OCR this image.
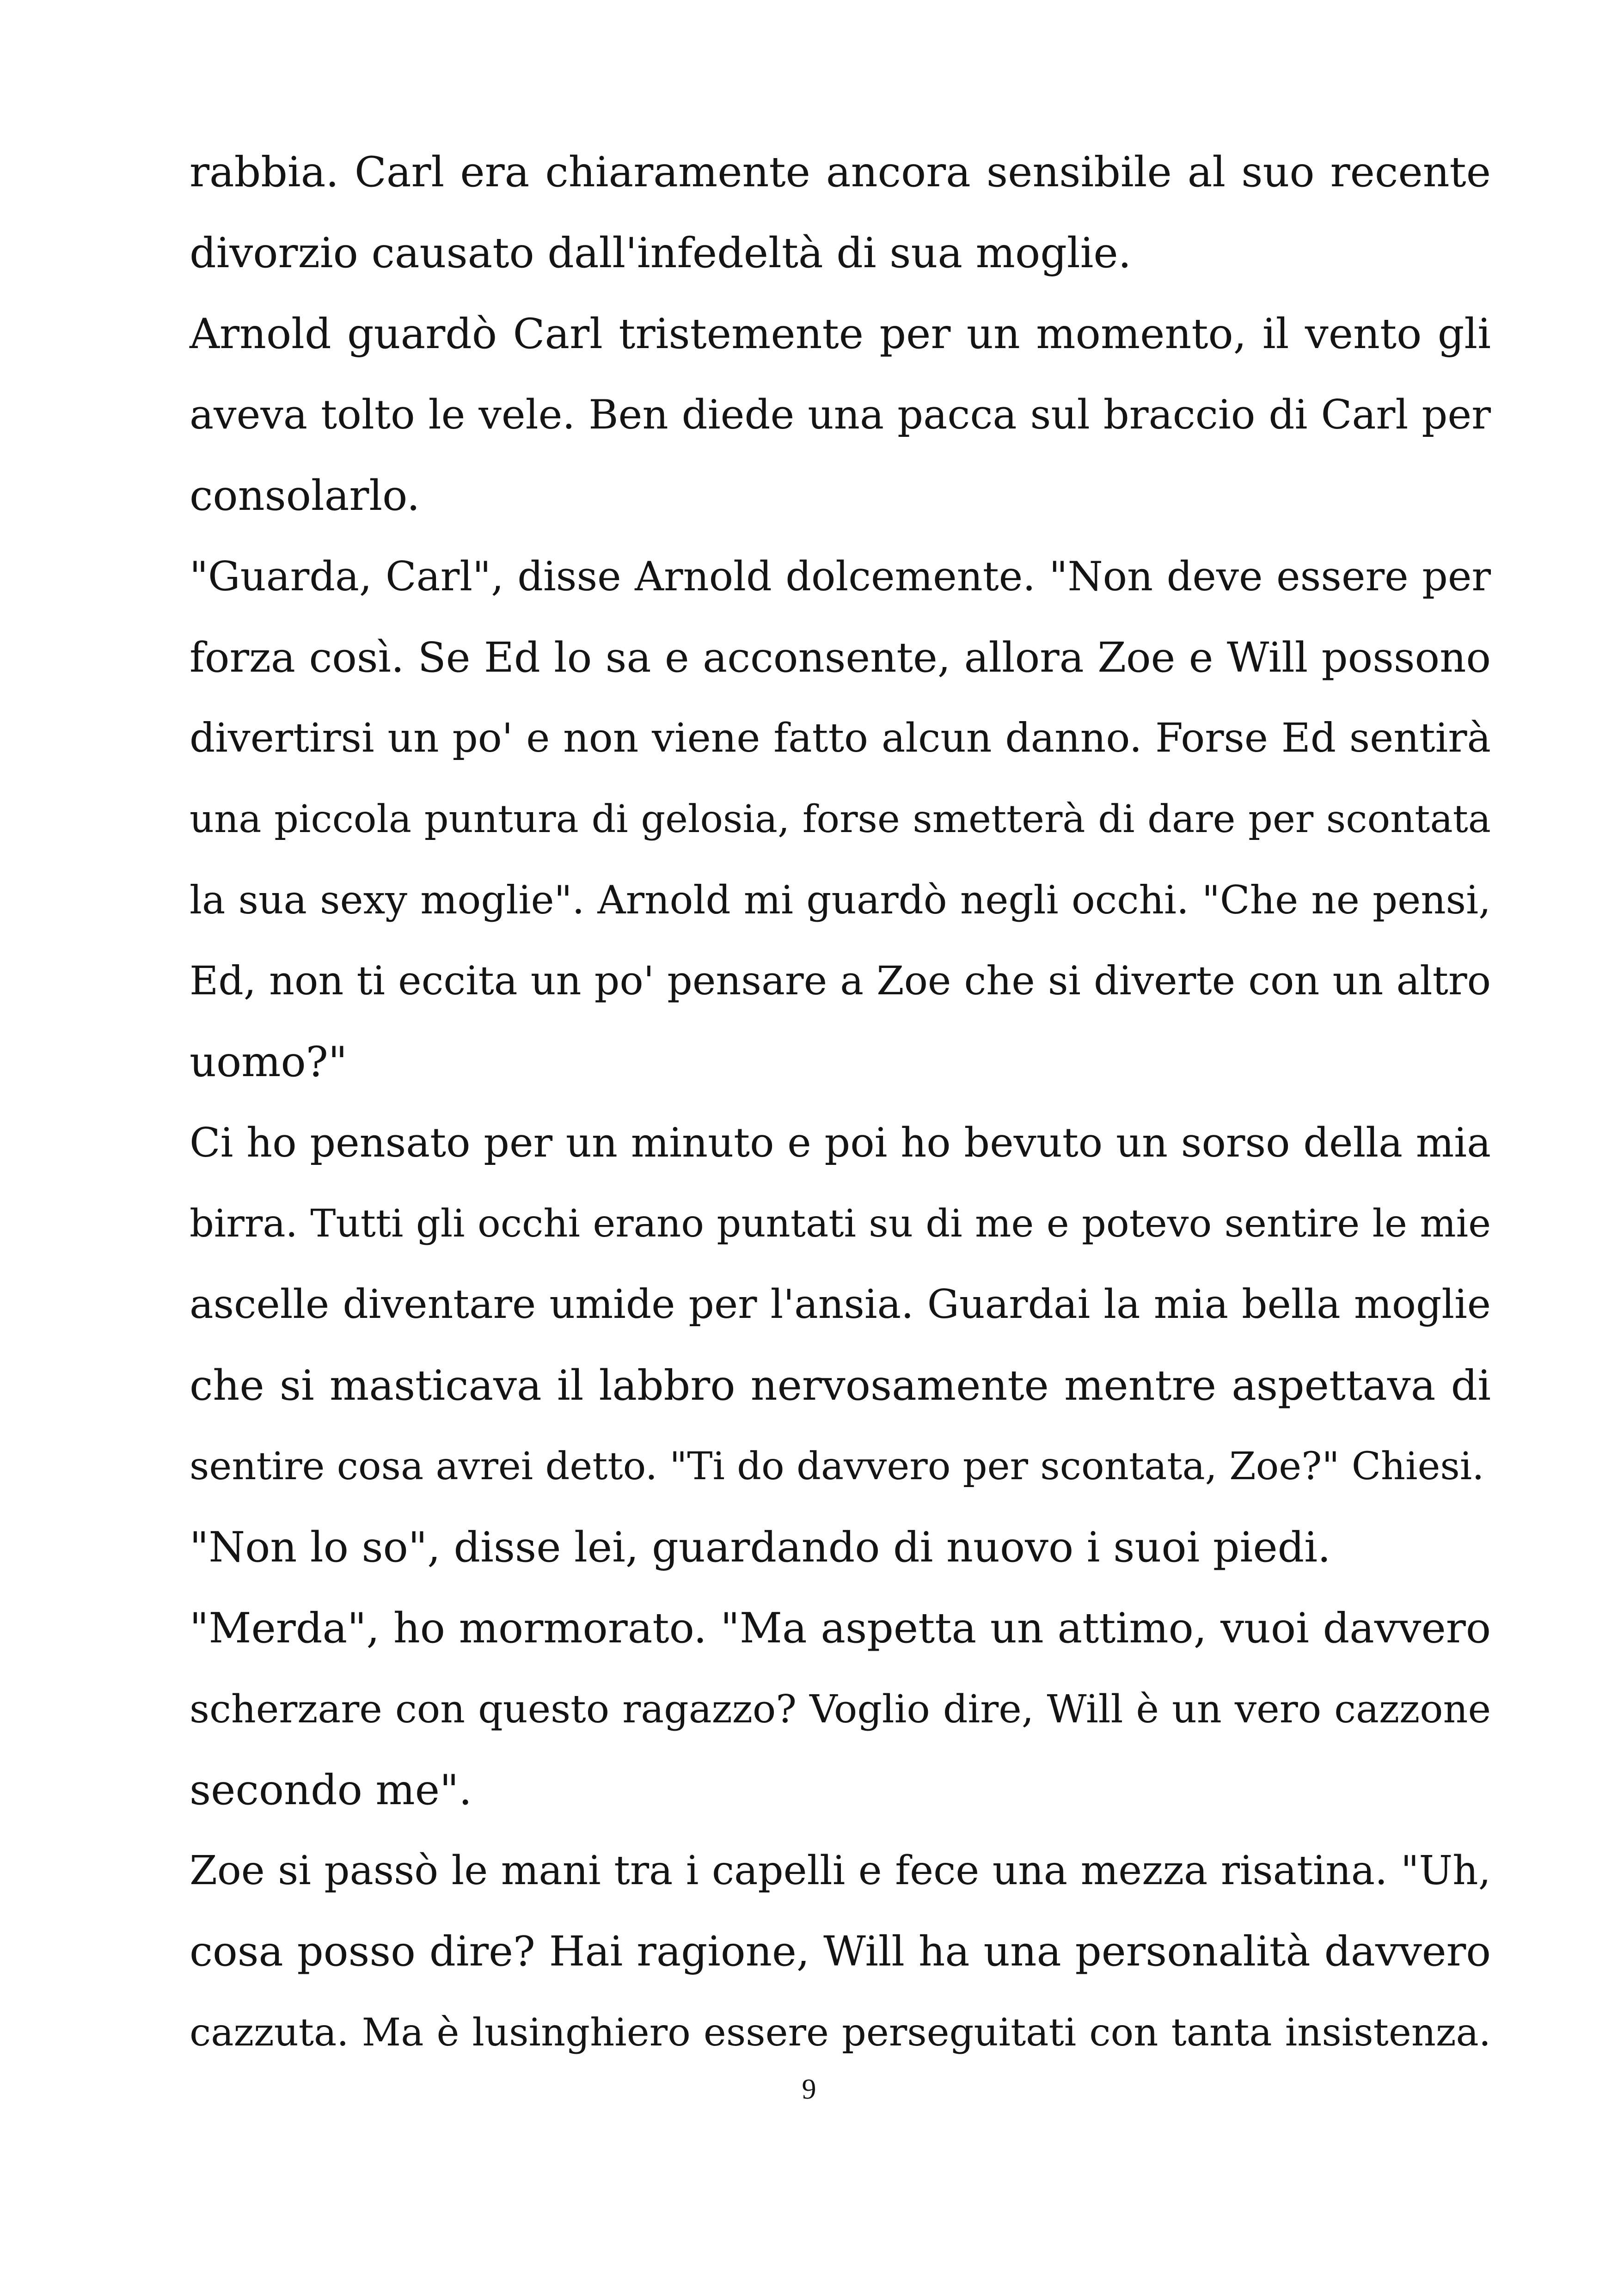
rabbia. Carl era chiaramente ancora sensibile al suo recente
divorzio causato dall'infedeltà di sua moglie.
Arnold guardò Carl tristemente per un momento, il vento gli
aveva tolto le vele. Ben diede una pacca sul braccio di Carl per
consolarlo.
"Guarda, Carl", disse Arnold dolcemente. "Non deve essere per
forza così. Se Ed lo sa e acconsente, allora Zoe e Will possono
divertirsi un po' e non viene fatto alcun danno. Forse Ed sentirà
una piccola puntura di gelosia, forse smetterà di dare per scontata
la sua sexy moglie". Arnold mi guardò negli occhi. "Che ne pensi,
Ed, non ti eccita un po' pensare a Zoe che si diverte con un altro
uomo?"
Ci ho pensato per un minuto e poi ho bevuto un sorso della mia
birra. Tutti gli occhi erano puntati su di me e potevo sentire le mie
ascelle diventare umide per l'ansia. Guardai la mia bella moglie
che si masticava il labbro nervosamente mentre aspettava di
sentire cosa avrei detto. "Ti do davvero per scontata, Zoe?" Chiesi.
"Non lo so", disse lei, guardando di nuovo i suoi piedi.
"Merda", ho mormorato. "Ma aspetta un attimo, vuoi davvero
scherzare con questo ragazzo? Voglio dire, Will è un vero cazzone
secondo me".
Zoe si passò le mani tra i capelli e fece una mezza risatina. "Uh,
cosa posso dire? Hai ragione, Will ha una personalità davvero
cazzuta. Ma è lusinghiero essere perseguitati con tanta insistenza.
9
